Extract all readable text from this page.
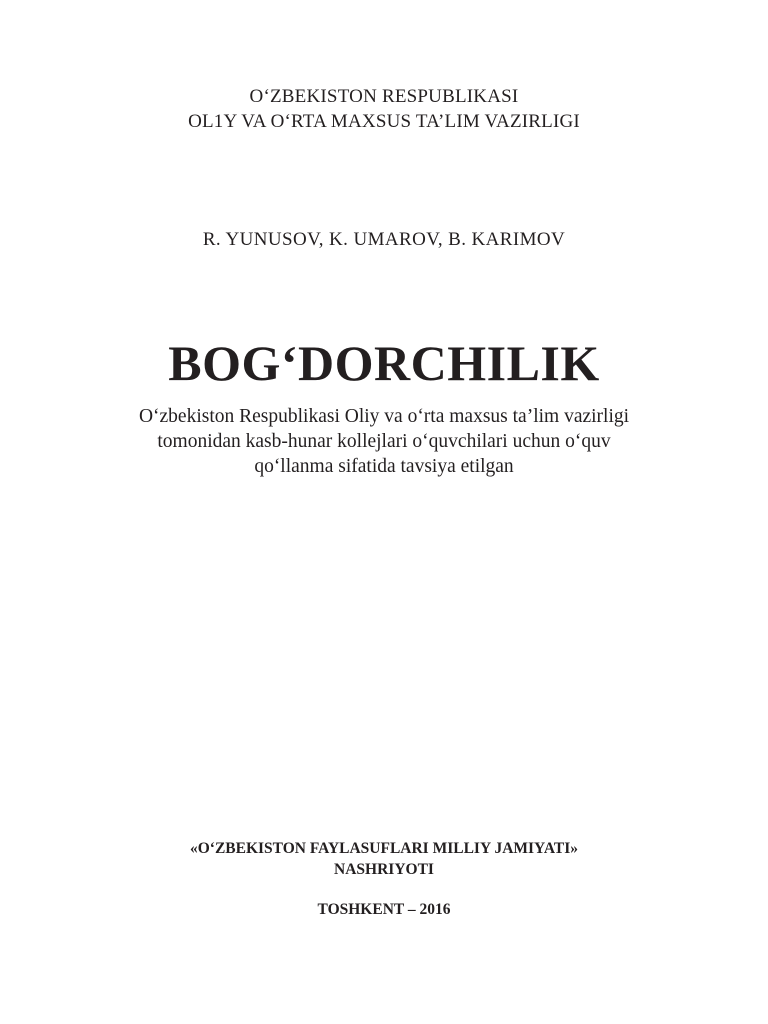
O‘ZBEKISTON RESPUBLIKASI
OL1Y VA O‘RTA MAXSUS TA’LIM VAZIRLIGI
R. YUNUSOV, K. UMAROV, B. KARIMOV
BOG‘DORCHILIK
O‘zbekiston Respublikasi Oliy va o‘rta maxsus ta’lim vazirligi
tomonidan kasb-hunar kollejlari o‘quvchilari uchun o‘quv
qo‘llanma sifatida tavsiya etilgan
«O‘ZBEKISTON FAYLASUFLARI MILLIY JAMIYATI»
NASHRIYOTI
TOSHKENT – 2016
